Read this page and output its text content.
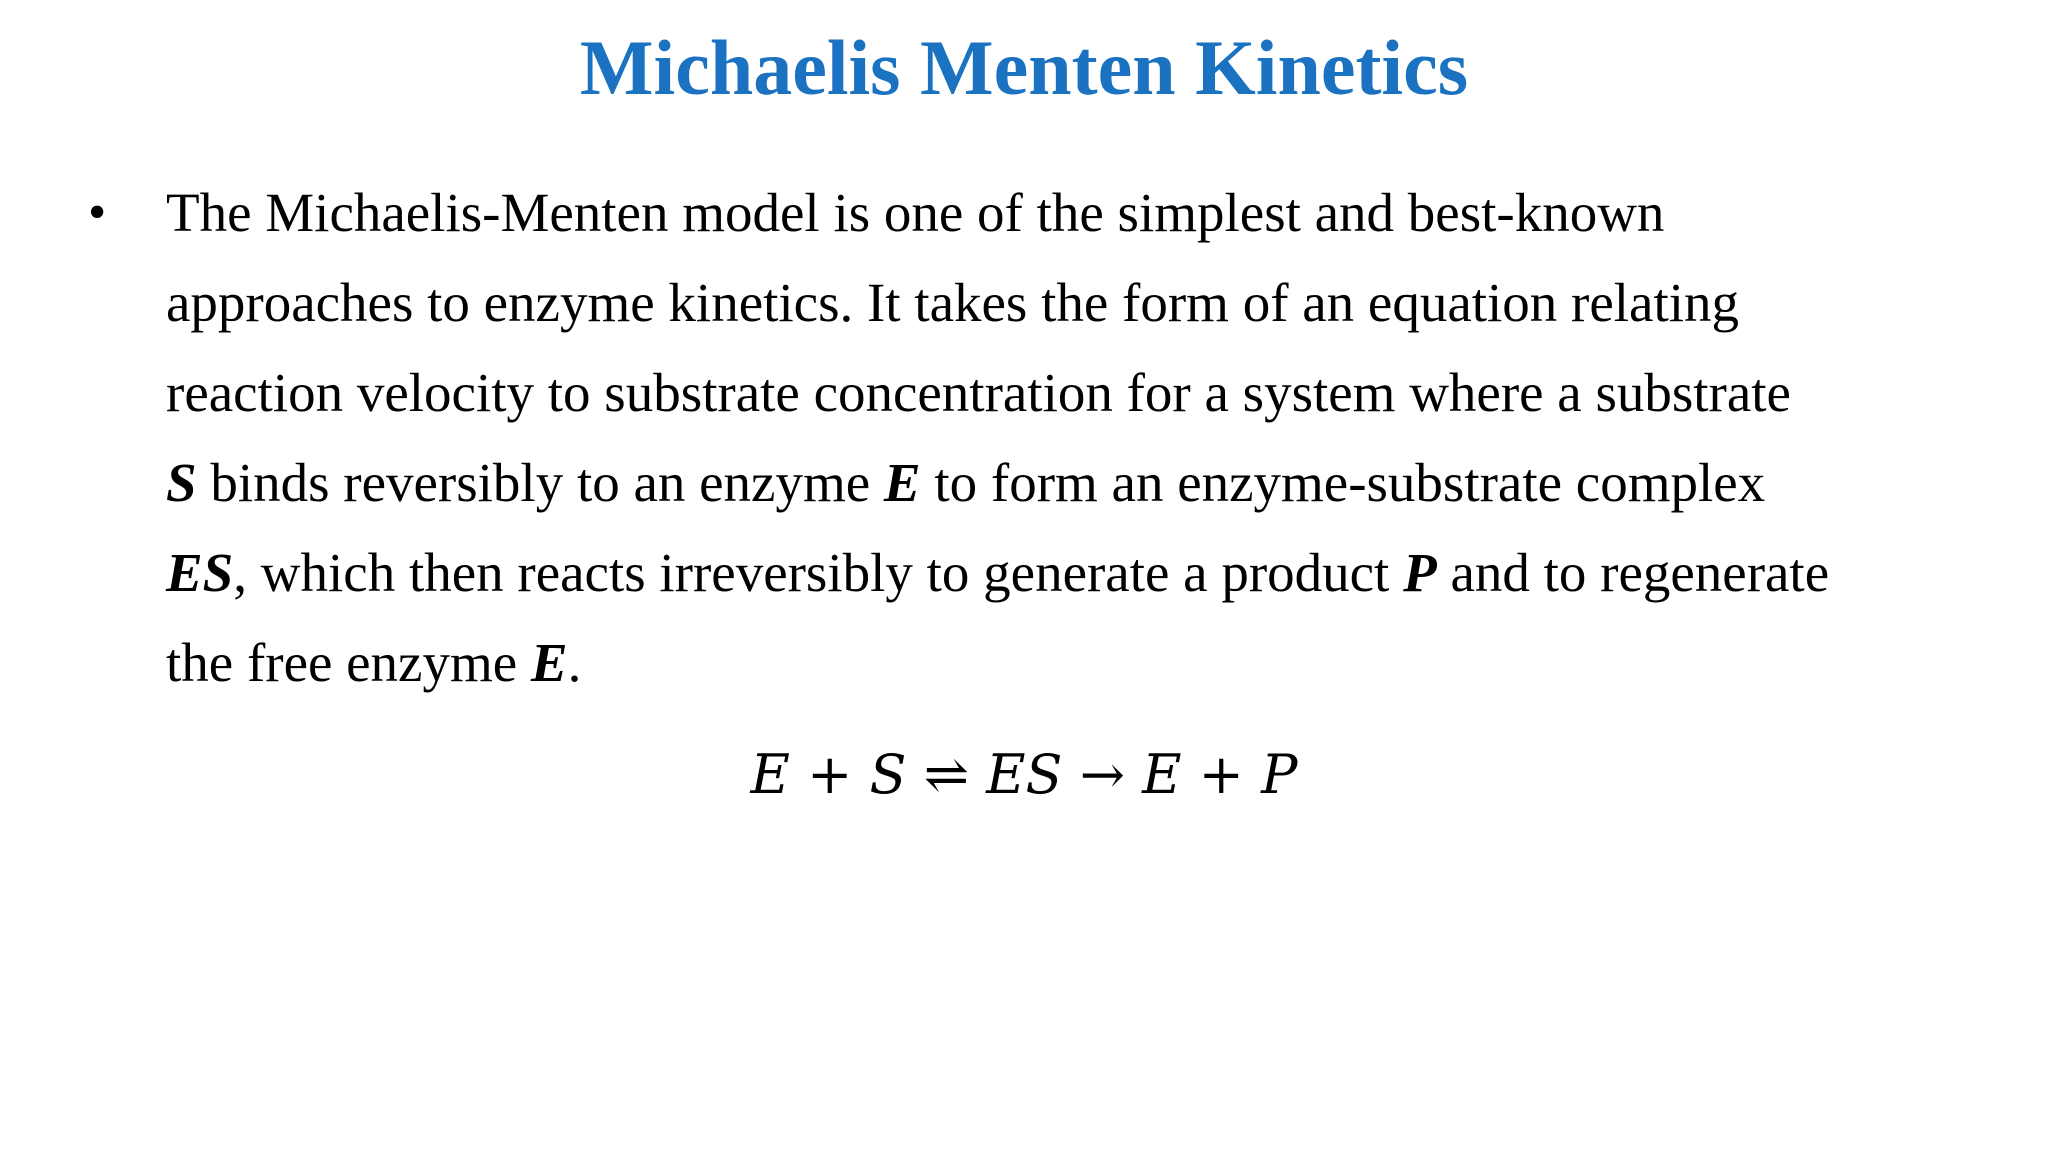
Michaelis Menten Kinetics
•	The Michaelis-Menten model is one of the simplest and best-known
approaches to enzyme kinetics. It takes the form of an equation relating
reaction velocity to substrate concentration for a system where a substrate
S binds reversibly to an enzyme E to form an enzyme-substrate complex
ES, which then reacts irreversibly to generate a product P and to regenerate
the free enzyme E.

E + S ⇌ ES → E + P
